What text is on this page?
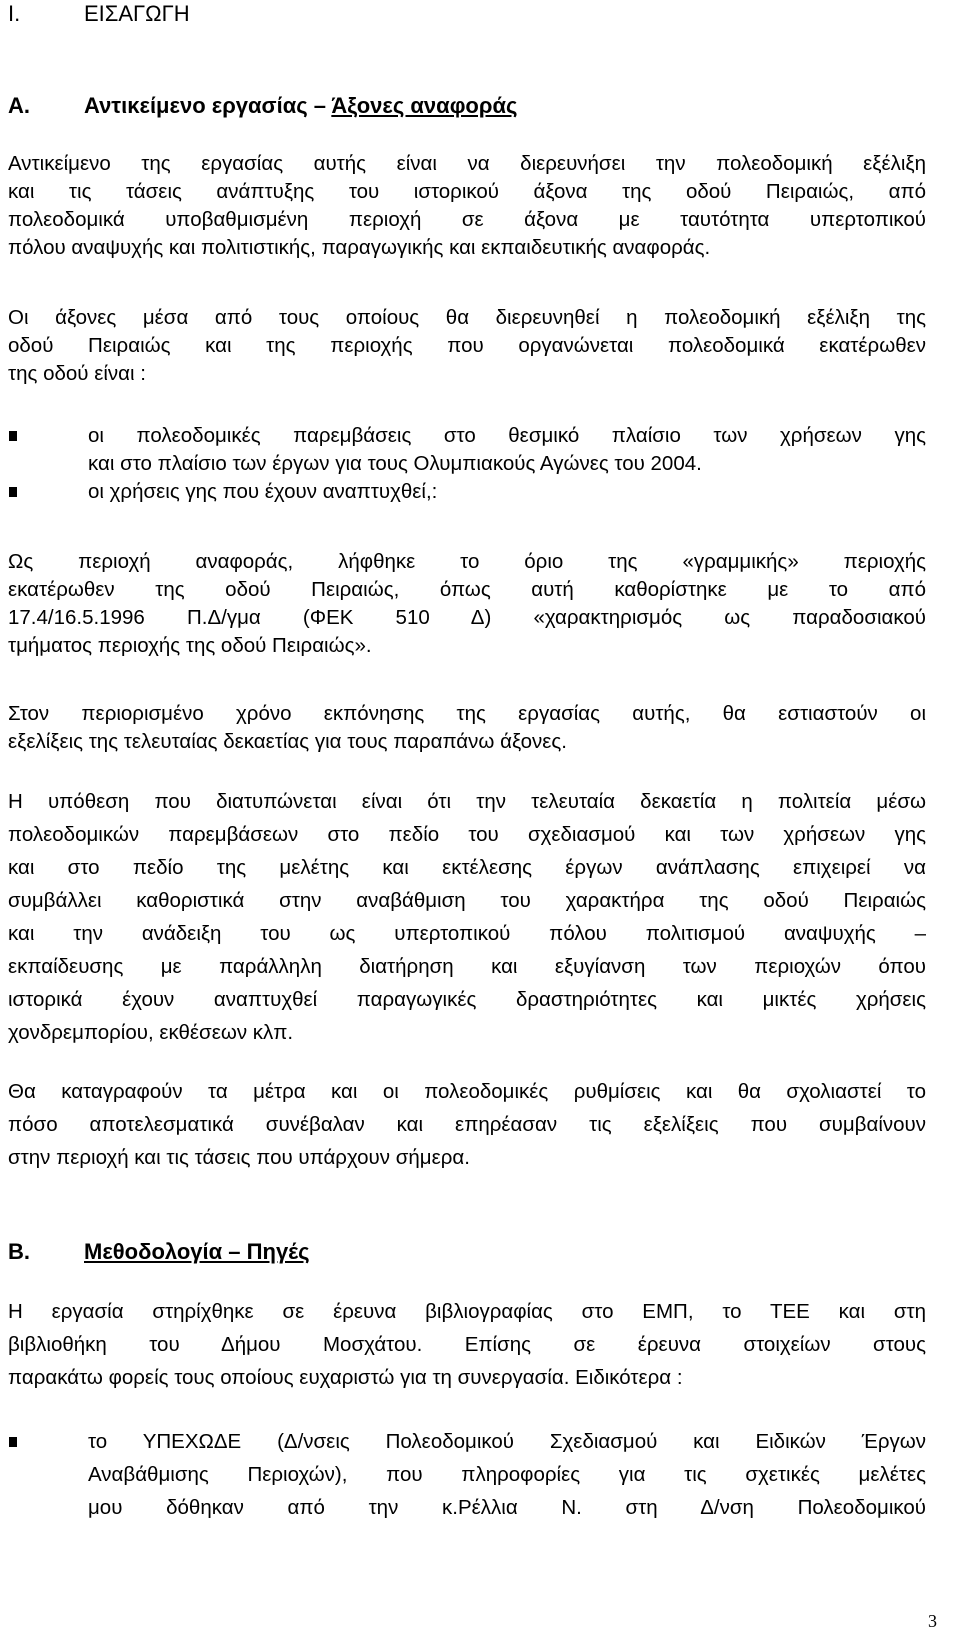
I.	ΕΙΣΑΓΩΓΗ
A. Αντικείμενο εργασίας – Άξονες αναφοράς
Αντικείμενο της εργασίας αυτής είναι να διερευνήσει την πολεοδομική εξέλιξη
και τις τάσεις ανάπτυξης του ιστορικού άξονα της οδού Πειραιώς, από
πολεοδομικά υποβαθμισμένη περιοχή σε άξονα με ταυτότητα υπερτοπικού
πόλου αναψυχής και πολιτιστικής, παραγωγικής και εκπαιδευτικής αναφοράς.
Οι άξονες μέσα από τους οποίους θα διερευνηθεί η πολεοδομική εξέλιξη της
οδού Πειραιώς και της περιοχής που οργανώνεται πολεοδομικά εκατέρωθεν
της οδού είναι :
οι πολεοδομικές παρεμβάσεις στο θεσμικό πλαίσιο των χρήσεων γης
και στο πλαίσιο των έργων για τους Ολυμπιακούς Αγώνες του 2004.
οι χρήσεις γης που έχουν αναπτυχθεί,:
Ως περιοχή αναφοράς, λήφθηκε το όριο της «γραμμικής» περιοχής
εκατέρωθεν της οδού Πειραιώς, όπως αυτή καθορίστηκε με το από
17.4/16.5.1996 Π.Δ/γμα (ΦΕΚ 510 Δ) «χαρακτηρισμός ως παραδοσιακού
τμήματος περιοχής της οδού Πειραιώς».
Στον περιορισμένο χρόνο εκπόνησης της εργασίας αυτής, θα εστιαστούν οι
εξελίξεις της τελευταίας δεκαετίας για τους παραπάνω άξονες.
Η υπόθεση που διατυπώνεται είναι ότι την τελευταία δεκαετία η πολιτεία μέσω
πολεοδομικών παρεμβάσεων στο πεδίο του σχεδιασμού και των χρήσεων γης
και στο πεδίο της μελέτης και εκτέλεσης έργων ανάπλασης επιχειρεί να
συμβάλλει καθοριστικά στην αναβάθμιση του χαρακτήρα της οδού Πειραιώς
και την ανάδειξη του ως υπερτοπικού πόλου πολιτισμού αναψυχής –
εκπαίδευσης με παράλληλη διατήρηση και εξυγίανση των περιοχών όπου
ιστορικά έχουν αναπτυχθεί παραγωγικές δραστηριότητες και μικτές χρήσεις
χονδρεμπορίου, εκθέσεων κλπ.
Θα καταγραφούν τα μέτρα και οι πολεοδομικές ρυθμίσεις και θα σχολιαστεί το
πόσο αποτελεσματικά συνέβαλαν και επηρέασαν τις εξελίξεις που συμβαίνουν
στην περιοχή και τις τάσεις που υπάρχουν σήμερα.
B. Μεθοδολογία – Πηγές
Η εργασία στηρίχθηκε σε έρευνα βιβλιογραφίας στο ΕΜΠ, το ΤΕΕ και στη
βιβλιοθήκη του Δήμου Μοσχάτου. Επίσης σε έρευνα στοιχείων στους
παρακάτω φορείς τους οποίους ευχαριστώ για τη συνεργασία. Ειδικότερα :
το ΥΠΕΧΩΔΕ (Δ/νσεις Πολεοδομικού Σχεδιασμού και Ειδικών Έργων
Αναβάθμισης Περιοχών), που πληροφορίες για τις σχετικές μελέτες
μου δόθηκαν από την κ.Ρέλλια Ν. στη Δ/νση Πολεοδομικού
3
